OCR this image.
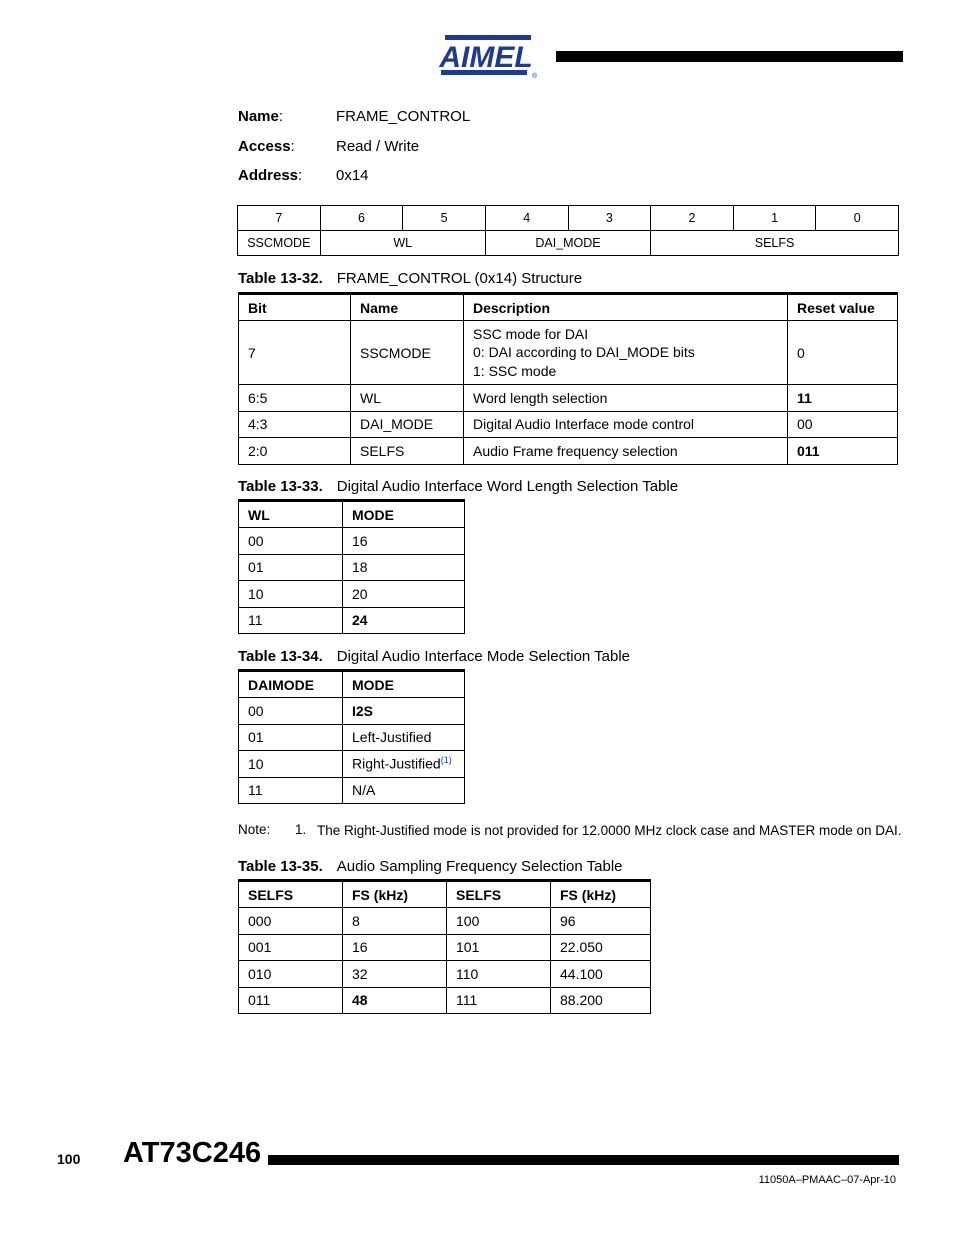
AIMEL
®
Name:	FRAME_CONTROL
Access:	Read / Write
Address: 0x14
7	6	5	4	3	2	1	0
SSCMODE	WL		DAI_MODE		SELFS		
Table 13-32. FRAME_CONTROL (0x14) Structure
Bit	Name	Description	Reset value
7	SSCMODE	SSC mode for DAI
0: DAI according to DAI_MODE bits
1: SSC mode	0
6:5	WL	Word length selection	11
4:3	DAI_MODE	Digital Audio Interface mode control	00
2:0	SELFS	Audio Frame frequency selection	011
Table 13-33. Digital Audio Interface Word Length Selection Table
WL	MODE
00	16
01	18
10	20
11	24
Table 13-34. Digital Audio Interface Mode Selection Table
DAIMODE	MODE
00	I2S
01	Left-Justified
10	Right-Justified$^{(1)}$
11	N/A
Note: 1. The Right-Justified mode is not provided for 12.0000 MHz clock case and MASTER mode on DAI.
Table 13-35. Audio Sampling Frequency Selection Table
SELFS	FS (kHz)	SELFS	FS (kHz)
000	8	100	96
001	16	101	22.050
010	32	110	44.100
011	48	111	88.200
100 AT73C246
11050A–PMAAC–07-Apr-10
